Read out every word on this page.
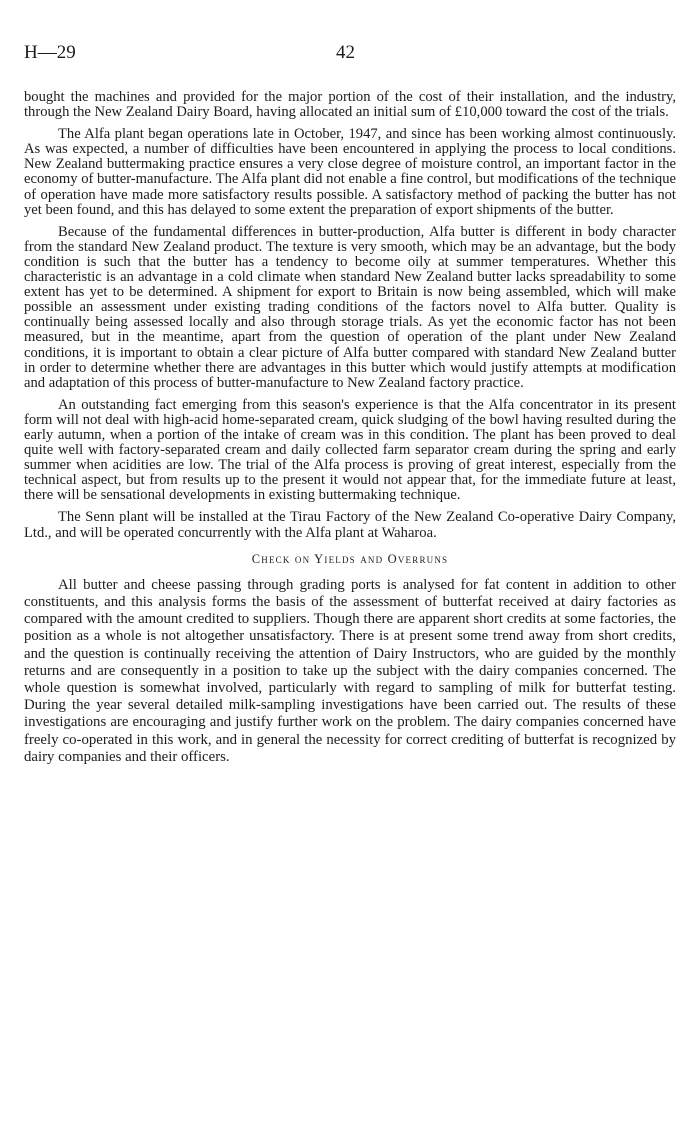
H—29	42

bought the machines and provided for the major portion of the cost of their installation, and the industry, through the New Zealand Dairy Board, having allocated an initial sum of £10,000 toward the cost of the trials.

The Alfa plant began operations late in October, 1947, and since has been working almost continuously. As was expected, a number of difficulties have been encountered in applying the process to local conditions. New Zealand buttermaking practice ensures a very close degree of moisture control, an important factor in the economy of butter-manufacture. The Alfa plant did not enable a fine control, but modifications of the technique of operation have made more satisfactory results possible. A satisfactory method of packing the butter has not yet been found, and this has delayed to some extent the preparation of export shipments of the butter.

Because of the fundamental differences in butter-production, Alfa butter is different in body character from the standard New Zealand product. The texture is very smooth, which may be an advantage, but the body condition is such that the butter has a tendency to become oily at summer temperatures. Whether this characteristic is an advantage in a cold climate when standard New Zealand butter lacks spreadability to some extent has yet to be determined. A shipment for export to Britain is now being assembled, which will make possible an assessment under existing trading conditions of the factors novel to Alfa butter. Quality is continually being assessed locally and also through storage trials. As yet the economic factor has not been measured, but in the meantime, apart from the question of operation of the plant under New Zealand conditions, it is important to obtain a clear picture of Alfa butter compared with standard New Zealand butter in order to determine whether there are advantages in this butter which would justify attempts at modification and adaptation of this process of butter-manufacture to New Zealand factory practice.

An outstanding fact emerging from this season's experience is that the Alfa concentrator in its present form will not deal with high-acid home-separated cream, quick sludging of the bowl having resulted during the early autumn, when a portion of the intake of cream was in this condition. The plant has been proved to deal quite well with factory-separated cream and daily collected farm separator cream during the spring and early summer when acidities are low. The trial of the Alfa process is proving of great interest, especially from the technical aspect, but from results up to the present it would not appear that, for the immediate future at least, there will be sensational developments in existing buttermaking technique.

The Senn plant will be installed at the Tirau Factory of the New Zealand Co-operative Dairy Company, Ltd., and will be operated concurrently with the Alfa plant at Waharoa.

Check on Yields and Overruns

All butter and cheese passing through grading ports is analysed for fat content in addition to other constituents, and this analysis forms the basis of the assessment of butterfat received at dairy factories as compared with the amount credited to suppliers. Though there are apparent short credits at some factories, the position as a whole is not altogether unsatisfactory. There is at present some trend away from short credits, and the question is continually receiving the attention of Dairy Instructors, who are guided by the monthly returns and are consequently in a position to take up the subject with the dairy companies concerned. The whole question is somewhat involved, particularly with regard to sampling of milk for butterfat testing. During the year several detailed milk-sampling investigations have been carried out. The results of these investigations are encouraging and justify further work on the problem. The dairy companies concerned have freely co-operated in this work, and in general the necessity for correct crediting of butterfat is recognized by dairy companies and their officers.
